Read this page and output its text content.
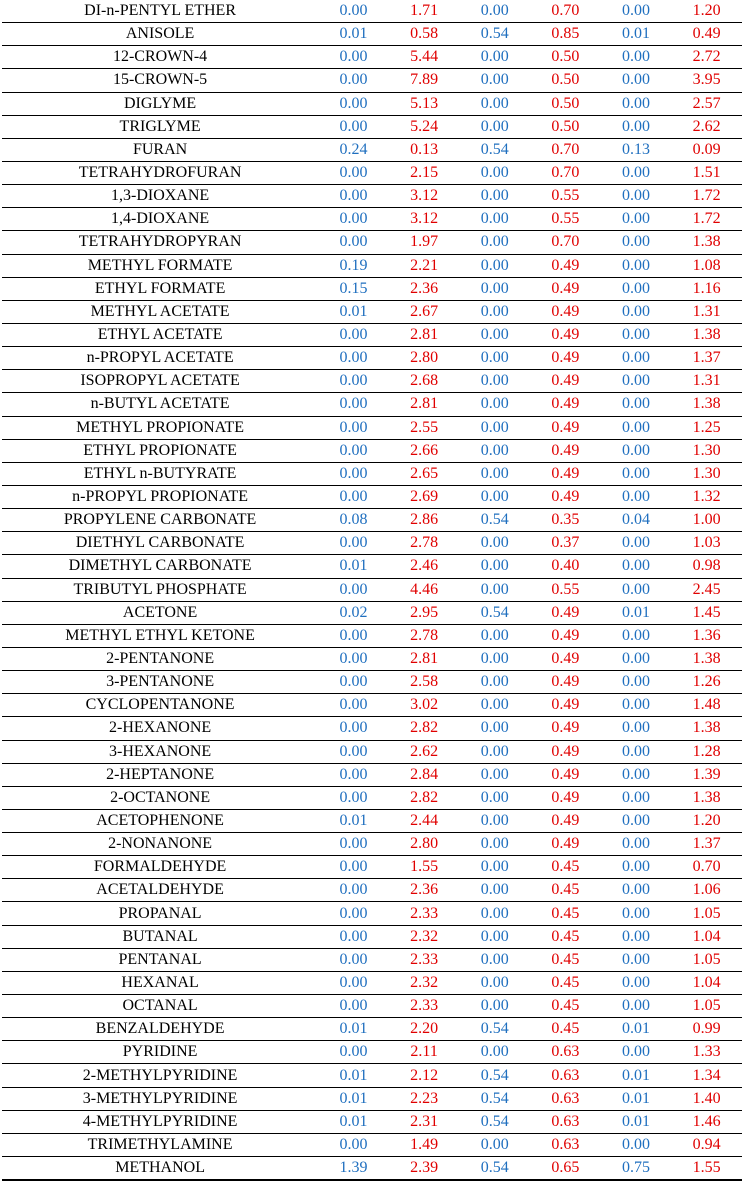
DI-n-PENTYL ETHER	0.00	1.71	0.00	0.70	0.00	1.20
ANISOLE	0.01	0.58	0.54	0.85	0.01	0.49
12-CROWN-4	0.00	5.44	0.00	0.50	0.00	2.72
15-CROWN-5	0.00	7.89	0.00	0.50	0.00	3.95
DIGLYME	0.00	5.13	0.00	0.50	0.00	2.57
TRIGLYME	0.00	5.24	0.00	0.50	0.00	2.62
FURAN	0.24	0.13	0.54	0.70	0.13	0.09
TETRAHYDROFURAN	0.00	2.15	0.00	0.70	0.00	1.51
1,3-DIOXANE	0.00	3.12	0.00	0.55	0.00	1.72
1,4-DIOXANE	0.00	3.12	0.00	0.55	0.00	1.72
TETRAHYDROPYRAN	0.00	1.97	0.00	0.70	0.00	1.38
METHYL FORMATE	0.19	2.21	0.00	0.49	0.00	1.08
ETHYL FORMATE	0.15	2.36	0.00	0.49	0.00	1.16
METHYL ACETATE	0.01	2.67	0.00	0.49	0.00	1.31
ETHYL ACETATE	0.00	2.81	0.00	0.49	0.00	1.38
n-PROPYL ACETATE	0.00	2.80	0.00	0.49	0.00	1.37
ISOPROPYL ACETATE	0.00	2.68	0.00	0.49	0.00	1.31
n-BUTYL ACETATE	0.00	2.81	0.00	0.49	0.00	1.38
METHYL PROPIONATE	0.00	2.55	0.00	0.49	0.00	1.25
ETHYL PROPIONATE	0.00	2.66	0.00	0.49	0.00	1.30
ETHYL n-BUTYRATE	0.00	2.65	0.00	0.49	0.00	1.30
n-PROPYL PROPIONATE	0.00	2.69	0.00	0.49	0.00	1.32
PROPYLENE CARBONATE	0.08	2.86	0.54	0.35	0.04	1.00
DIETHYL CARBONATE	0.00	2.78	0.00	0.37	0.00	1.03
DIMETHYL CARBONATE	0.01	2.46	0.00	0.40	0.00	0.98
TRIBUTYL PHOSPHATE	0.00	4.46	0.00	0.55	0.00	2.45
ACETONE	0.02	2.95	0.54	0.49	0.01	1.45
METHYL ETHYL KETONE	0.00	2.78	0.00	0.49	0.00	1.36
2-PENTANONE	0.00	2.81	0.00	0.49	0.00	1.38
3-PENTANONE	0.00	2.58	0.00	0.49	0.00	1.26
CYCLOPENTANONE	0.00	3.02	0.00	0.49	0.00	1.48
2-HEXANONE	0.00	2.82	0.00	0.49	0.00	1.38
3-HEXANONE	0.00	2.62	0.00	0.49	0.00	1.28
2-HEPTANONE	0.00	2.84	0.00	0.49	0.00	1.39
2-OCTANONE	0.00	2.82	0.00	0.49	0.00	1.38
ACETOPHENONE	0.01	2.44	0.00	0.49	0.00	1.20
2-NONANONE	0.00	2.80	0.00	0.49	0.00	1.37
FORMALDEHYDE	0.00	1.55	0.00	0.45	0.00	0.70
ACETALDEHYDE	0.00	2.36	0.00	0.45	0.00	1.06
PROPANAL	0.00	2.33	0.00	0.45	0.00	1.05
BUTANAL	0.00	2.32	0.00	0.45	0.00	1.04
PENTANAL	0.00	2.33	0.00	0.45	0.00	1.05
HEXANAL	0.00	2.32	0.00	0.45	0.00	1.04
OCTANAL	0.00	2.33	0.00	0.45	0.00	1.05
BENZALDEHYDE	0.01	2.20	0.54	0.45	0.01	0.99
PYRIDINE	0.00	2.11	0.00	0.63	0.00	1.33
2-METHYLPYRIDINE	0.01	2.12	0.54	0.63	0.01	1.34
3-METHYLPYRIDINE	0.01	2.23	0.54	0.63	0.01	1.40
4-METHYLPYRIDINE	0.01	2.31	0.54	0.63	0.01	1.46
TRIMETHYLAMINE	0.00	1.49	0.00	0.63	0.00	0.94
METHANOL	1.39	2.39	0.54	0.65	0.75	1.55
